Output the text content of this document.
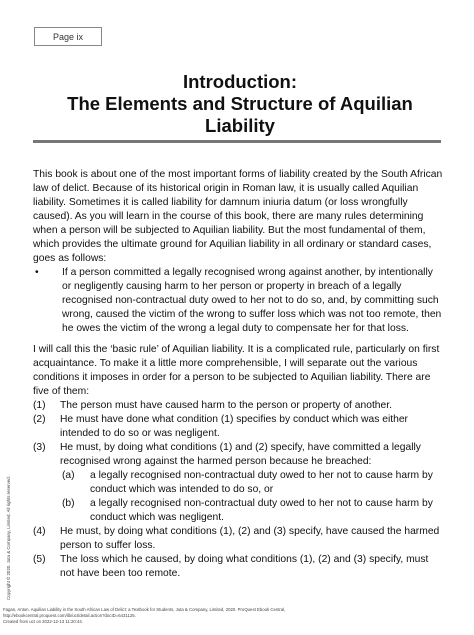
Page ix
Introduction:
The Elements and Structure of Aquilian
Liability

This book is about one of the most important forms of liability created by the South African law of delict. Because of its historical origin in Roman law, it is usually called Aquilian liability. Sometimes it is called liability for damnum iniuria datum (or loss wrongfully caused). As you will learn in the course of this book, there are many rules determining when a person will be subjected to Aquilian liability. But the most fundamental of them, which provides the ultimate ground for Aquilian liability in all ordinary or standard cases, goes as follows:

•	If a person committed a legally recognised wrong against another, by intentionally or negligently causing harm to her person or property in breach of a legally recognised non-contractual duty owed to her not to do so, and, by committing such wrong, caused the victim of the wrong to suffer loss which was not too remote, then he owes the victim of the wrong a legal duty to compensate her for that loss.

I will call this the ‘basic rule’ of Aquilian liability. It is a complicated rule, particularly on first acquaintance. To make it a little more comprehensible, I will separate out the various conditions it imposes in order for a person to be subjected to Aquilian liability. There are five of them:

(1)	The person must have caused harm to the person or property of another.
(2)	He must have done what condition (1) specifies by conduct which was either intended to do so or was negligent.
(3)	He must, by doing what conditions (1) and (2) specify, have committed a legally recognised wrong against the harmed person because he breached:
(a)	a legally recognised non-contractual duty owed to her not to cause harm by conduct which was intended to do so, or
(b)	a legally recognised non-contractual duty owed to her not to cause harm by conduct which was negligent.
(4)	He must, by doing what conditions (1), (2) and (3) specify, have caused the harmed person to suffer loss.
(5)	The loss which he caused, by doing what conditions (1), (2) and (3) specify, must not have been too remote.
Copyright © 2020. Juta & Company, Limited. All rights reserved.
Fagan, Anton. Aquilian Liability in the South African Law of Delict: a Textbook for Students, Juta & Company, Limited, 2020. ProQuest Ebook Central,
http://ebookcentral.proquest.com/lib/uct/detail.action?docID=6431125.
Created from uct on 2022-12-13 11:20:44.
